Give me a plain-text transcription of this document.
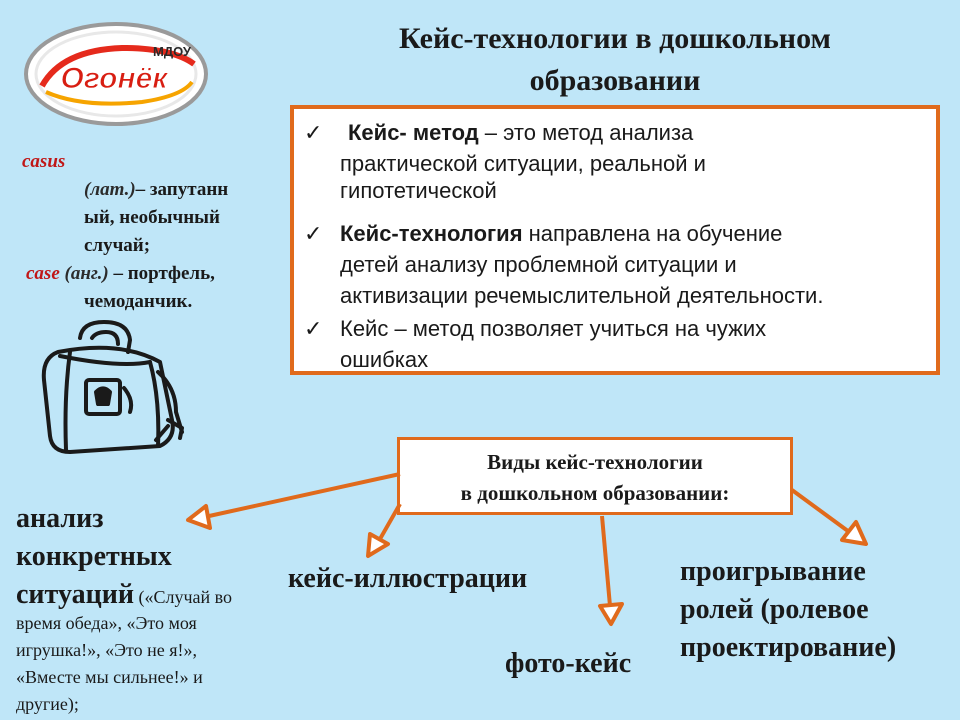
Огонёк
МДОУ	Кейс-технологии в дошкольном
образовании
casus
(лат.)– запутанн
ый, необычный
случай;
case (анг.) – портфель,
чемоданчик.
✓	Кейс- метод – это метод анализа
практической ситуации, реальной и
гипотетической
✓ Кейс-технология направлена на обучение
детей анализу проблемной ситуации и
активизации речемыслительной деятельности.
✓ Кейс – метод позволяет учиться на чужих
ошибках
Виды кейс-технологии
в дошкольном образовании:
анализ
конкретных
ситуаций («Случай во
время обеда», «Это моя
игрушка!», «Это не я!»,
«Вместе мы сильнее!» и
другие);
кейс-иллюстрации
фото-кейс
проигрывание
ролей (ролевое
проектирование)
